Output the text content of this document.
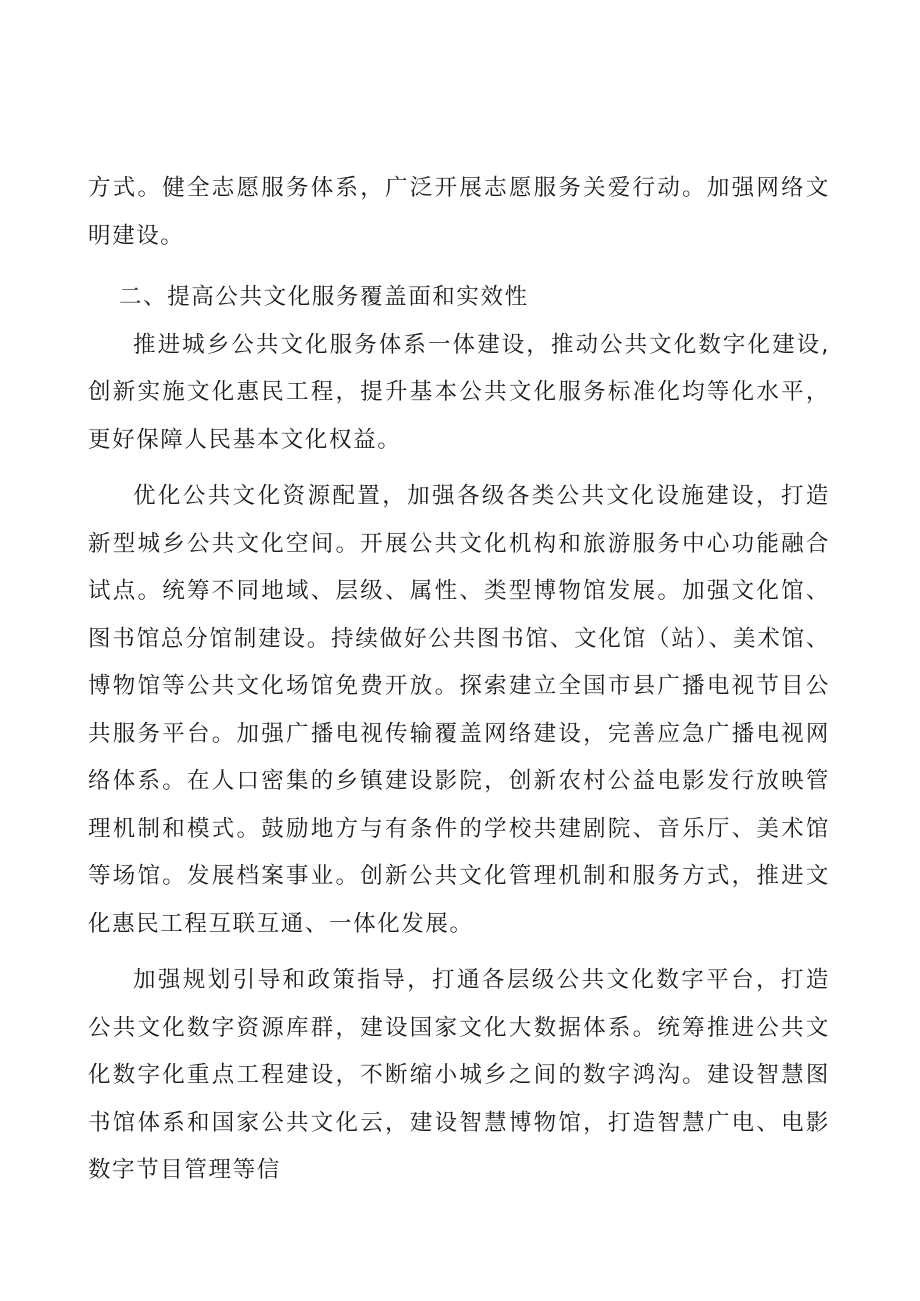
方式。健全志愿服务体系，广泛开展志愿服务关爱行动。加强网络文明建设。

二、提高公共文化服务覆盖面和实效性

推进城乡公共文化服务体系一体建设，推动公共文化数字化建设,创新实施文化惠民工程，提升基本公共文化服务标准化均等化水平，更好保障人民基本文化权益。

优化公共文化资源配置，加强各级各类公共文化设施建设，打造新型城乡公共文化空间。开展公共文化机构和旅游服务中心功能融合试点。统筹不同地域、层级、属性、类型博物馆发展。加强文化馆、图书馆总分馆制建设。持续做好公共图书馆、文化馆（站）、美术馆、博物馆等公共文化场馆免费开放。探索建立全国市县广播电视节目公共服务平台。加强广播电视传输覆盖网络建设，完善应急广播电视网络体系。在人口密集的乡镇建设影院，创新农村公益电影发行放映管理机制和模式。鼓励地方与有条件的学校共建剧院、音乐厅、美术馆等场馆。发展档案事业。创新公共文化管理机制和服务方式，推进文化惠民工程互联互通、一体化发展。

加强规划引导和政策指导，打通各层级公共文化数字平台，打造公共文化数字资源库群，建设国家文化大数据体系。统筹推进公共文化数字化重点工程建设，不断缩小城乡之间的数字鸿沟。建设智慧图书馆体系和国家公共文化云，建设智慧博物馆，打造智慧广电、电影数字节目管理等信
